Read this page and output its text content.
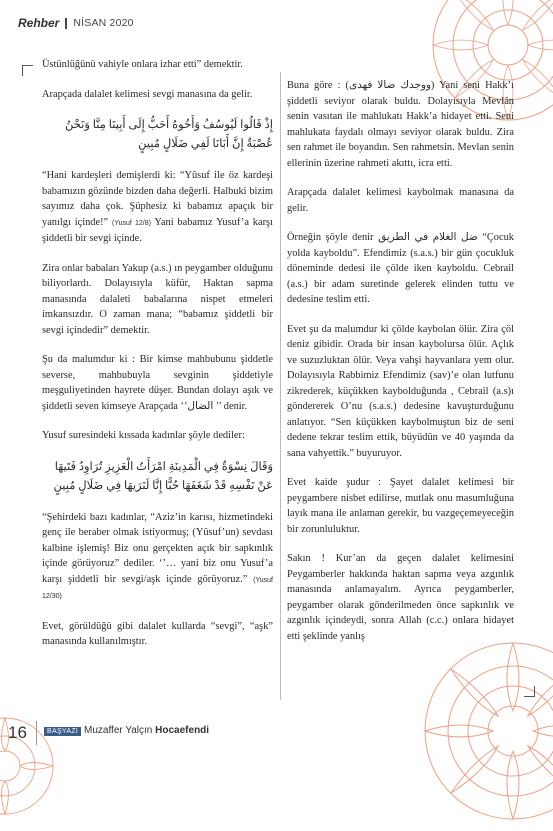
Rehber NİSAN 2020

Üstünlüğünü vahiyle onlara izhar etti” demektir.

Arapçada dalalet kelimesi sevgi manasına da gelir.

إِذْ قَالُوا لَيُوسُفُ وَأَخُوهُ أَحَبُّ إِلَى أَبِينَا مِنَّا وَنَحْنُ عُصْبَةٌ إِنَّ أَبَانَا لَفِي ضَلَالٍ مُبِينٍ

“Hani kardeşleri demişlerdi ki: “Yûsuf ile öz kardeşi babamızın gözünde bizden daha değerli. Halbuki bizim sayımız daha çok. Şüphesiz ki babamız apaçık bir yanılgı içinde!” (Yusuf 12/8) Yani babamız Yusuf’a karşı şiddetli bir sevgi içinde.

Zira onlar babaları Yakup (a.s.) ın peygamber olduğunu biliyorlardı. Dolayısıyla küfür, Haktan sapma manasında dalaleti babalarına nispet etmeleri imkansızdır. O zaman mana; “babamız şiddetli bir sevgi içindedir” demektir.

Şu da malumdur ki : Bir kimse mahbubunu şiddetle severse, mahbubuyla sevginin şiddetiyle meşguliyetinden hayrete düşer. Bundan dolayı aşık ve şiddetli seven kimseye Arapçada ‘’الضال ’’ denir.

Yusuf suresindeki kıssada kadınlar şöyle dediler:

وَقَالَ نِسْوَةٌ فِي الْمَدِينَةِ امْرَأَتُ الْعَزِيزِ تُرَاوِدُ فَتَيهَا عَنْ نَفْسِهِ قَدْ شَغَفَهَا حُبًّا إِنَّا لَنَرَيهَا فِي ضَلَالٍ مُبِينٍ

“Şehirdeki bazı kadınlar, “Aziz’in karısı, hizmetindeki genç ile beraber olmak istiyormuş; (Yûsuf’un) sevdası kalbine işlemiş! Biz onu gerçekten açık bir sapkınlık içinde görüyoruz” dediler. ‘’… yani biz onu Yusuf’a karşı şiddetli bir sevgi/aşk içinde görüyoruz.” (Yusuf 12/30)

Evet, görüldüğü gibi dalalet kullarda “sevgi”, “aşk” manasında kullanılmıştır.

Buna göre : (ووجدك ضالا فهدى) Yani seni Hakk’ı şiddetli seviyor olarak buldu. Dolayısıyla Mevlân senin vasıtan ile mahlukatı Hakk’a hidayet etti. Seni mahlukata faydalı olmayı seviyor olarak buldu. Zira sen rahmet ile boyandın. Sen rahmetsin. Mevlan senin ellerinin üzerine rahmeti akıttı, icra etti.

Arapçada dalalet kelimesi kaybolmak manasına da gelir.

Örneğin şöyle denir ضل الغلام في الطريق “Çocuk yolda kayboldu”. Efendimiz (s.a.s.) bir gün çocukluk döneminde dedesi ile çölde iken kayboldu. Cebrail (a.s.) bir adam suretinde gelerek elinden tuttu ve dedesine teslim etti.

Evet şu da malumdur ki çölde kaybolan ölür. Zira çöl deniz gibidir. Orada bir insan kaybolursa ölür. Açlık ve suzuzluktan ölür. Veya vahşi hayvanlara yem olur. Dolayısıyla Rabbimiz Efendimiz (sav)’e olan lutfunu zikrederek, küçükken kaybolduğunda , Cebrail (a.s)ı göndererek O’nu (s.a.s.) dedesine kavuşturduğunu anlatıyor. “Sen küçükken kaybolmuştun biz de seni dedene tekrar teslim ettik, büyüdün ve 40 yaşında da sana vahyettik.” buyuruyor.

Evet kaide şudur : Şayet dalalet kelimesi bir peygambere nisbet edilirse, mutlak onu masumluğuna layık mana ile anlaman gerekir, bu vazgeçemeyeceğin bir zorunluluktur.

Sakın ! Kur’an da geçen dalalet kelimesini Peygamberler hakkında haktan sapma veya azgınlık manasında anlamayalım. Ayrıca peygamberler, peygamber olarak gönderilmeden önce sapkınlık ve azgınlık içindeydi, sonra Allah (c.c.) onlara hidayet etti şeklinde yanlış

16	BAŞYAZI Muzaffer Yalçın Hocaefendi
